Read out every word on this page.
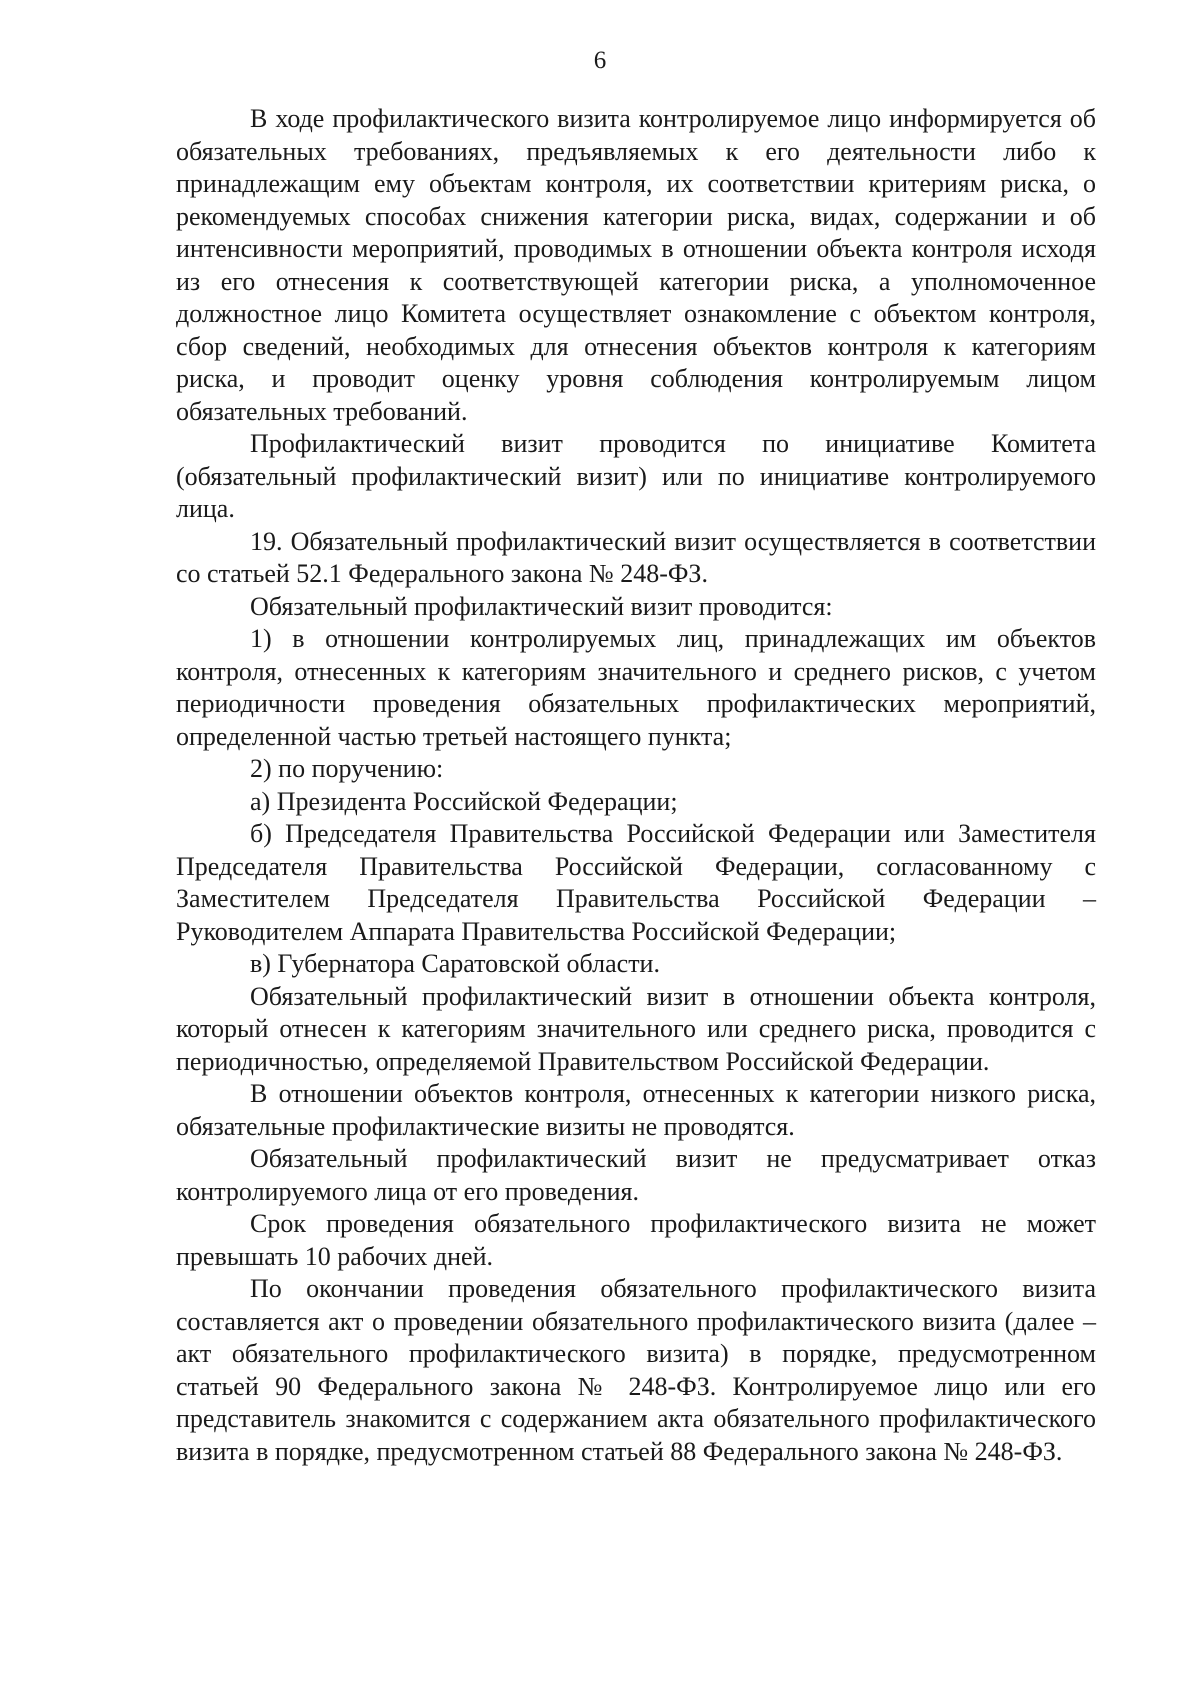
6

В ходе профилактического визита контролируемое лицо информируется об обязательных требованиях, предъявляемых к его деятельности либо к принадлежащим ему объектам контроля, их соответствии критериям риска, о рекомендуемых способах снижения категории риска, видах, содержании и об интенсивности мероприятий, проводимых в отношении объекта контроля исходя из его отнесения к соответствующей категории риска, а уполномоченное должностное лицо Комитета осуществляет ознакомление с объектом контроля, сбор сведений, необходимых для отнесения объектов контроля к категориям риска, и проводит оценку уровня соблюдения контролируемым лицом обязательных требований.

Профилактический визит проводится по инициативе Комитета (обязательный профилактический визит) или по инициативе контролируемого лица.

19. Обязательный профилактический визит осуществляется в соответствии со статьей 52.1 Федерального закона № 248-ФЗ.

Обязательный профилактический визит проводится:

1) в отношении контролируемых лиц, принадлежащих им объектов контроля, отнесенных к категориям значительного и среднего рисков, с учетом периодичности проведения обязательных профилактических мероприятий, определенной частью третьей настоящего пункта;

2) по поручению:

а) Президента Российской Федерации;

б) Председателя Правительства Российской Федерации или Заместителя Председателя Правительства Российской Федерации, согласованному с Заместителем Председателя Правительства Российской Федерации – Руководителем Аппарата Правительства Российской Федерации;

в) Губернатора Саратовской области.

Обязательный профилактический визит в отношении объекта контроля, который отнесен к категориям значительного или среднего риска, проводится с периодичностью, определяемой Правительством Российской Федерации.

В отношении объектов контроля, отнесенных к категории низкого риска, обязательные профилактические визиты не проводятся.

Обязательный профилактический визит не предусматривает отказ контролируемого лица от его проведения.

Срок проведения обязательного профилактического визита не может превышать 10 рабочих дней.

По окончании проведения обязательного профилактического визита составляется акт о проведении обязательного профилактического визита (далее – акт обязательного профилактического визита) в порядке, предусмотренном статьей 90 Федерального закона № 248-ФЗ. Контролируемое лицо или его представитель знакомится с содержанием акта обязательного профилактического визита в порядке, предусмотренном статьей 88 Федерального закона № 248-ФЗ.
